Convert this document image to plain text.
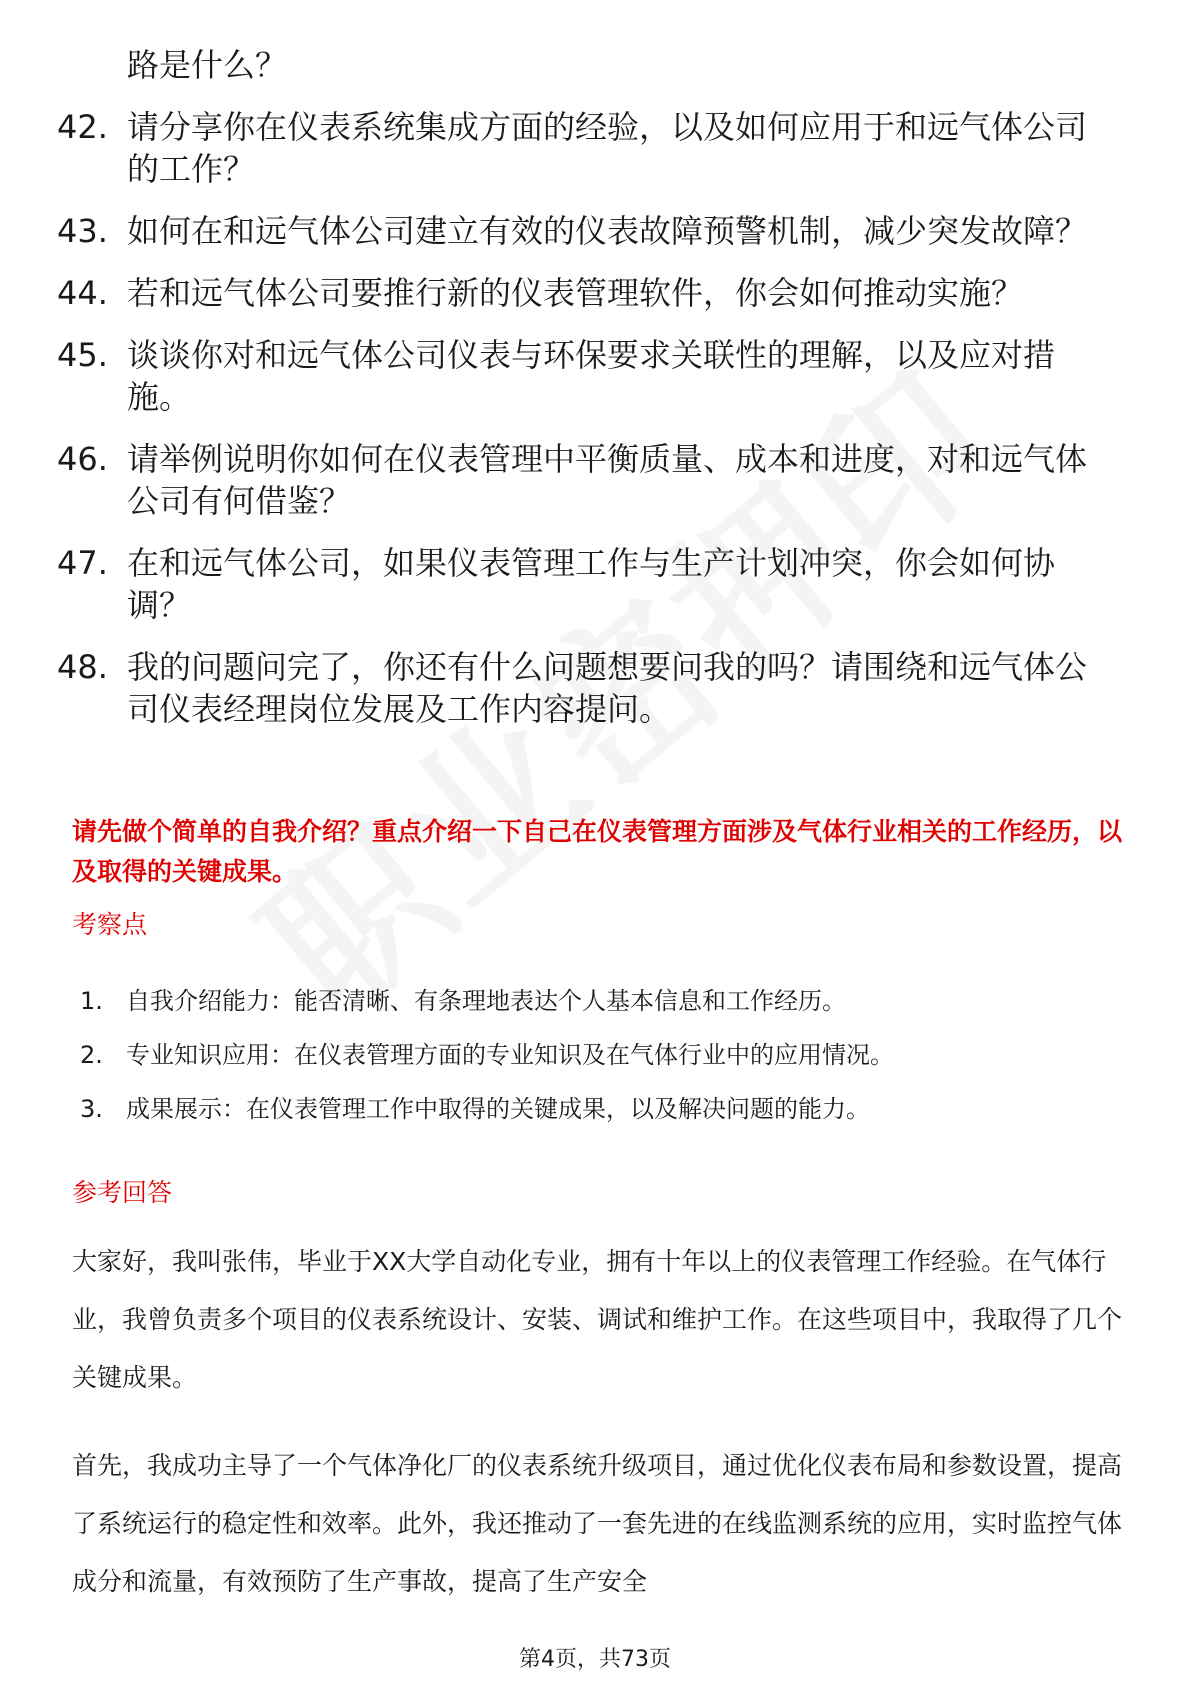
路是什么？
42. 请分享你在仪表系统集成方面的经验，以及如何应用于和远气体公司的工作？
43. 如何在和远气体公司建立有效的仪表故障预警机制，减少突发故障？
44. 若和远气体公司要推行新的仪表管理软件，你会如何推动实施？
45. 谈谈你对和远气体公司仪表与环保要求关联性的理解，以及应对措施。
46. 请举例说明你如何在仪表管理中平衡质量、成本和进度，对和远气体公司有何借鉴？
47. 在和远气体公司，如果仪表管理工作与生产计划冲突，你会如何协调？
48. 我的问题问完了，你还有什么问题想要问我的吗？请围绕和远气体公司仪表经理岗位发展及工作内容提问。
请先做个简单的自我介绍？重点介绍一下自己在仪表管理方面涉及气体行业相关的工作经历，以及取得的关键成果。
考察点
1. 自我介绍能力：能否清晰、有条理地表达个人基本信息和工作经历。
2. 专业知识应用：在仪表管理方面的专业知识及在气体行业中的应用情况。
3. 成果展示：在仪表管理工作中取得的关键成果，以及解决问题的能力。
参考回答

大家好，我叫张伟，毕业于XX大学自动化专业，拥有十年以上的仪表管理工作经验。在气体行业，我曾负责多个项目的仪表系统设计、安装、调试和维护工作。在这些项目中，我取得了几个关键成果。

首先，我成功主导了一个气体净化厂的仪表系统升级项目，通过优化仪表布局和参数设置，提高了系统运行的稳定性和效率。此外，我还推动了一套先进的在线监测系统的应用，实时监控气体成分和流量，有效预防了生产事故，提高了生产安全

第4页，共73页
